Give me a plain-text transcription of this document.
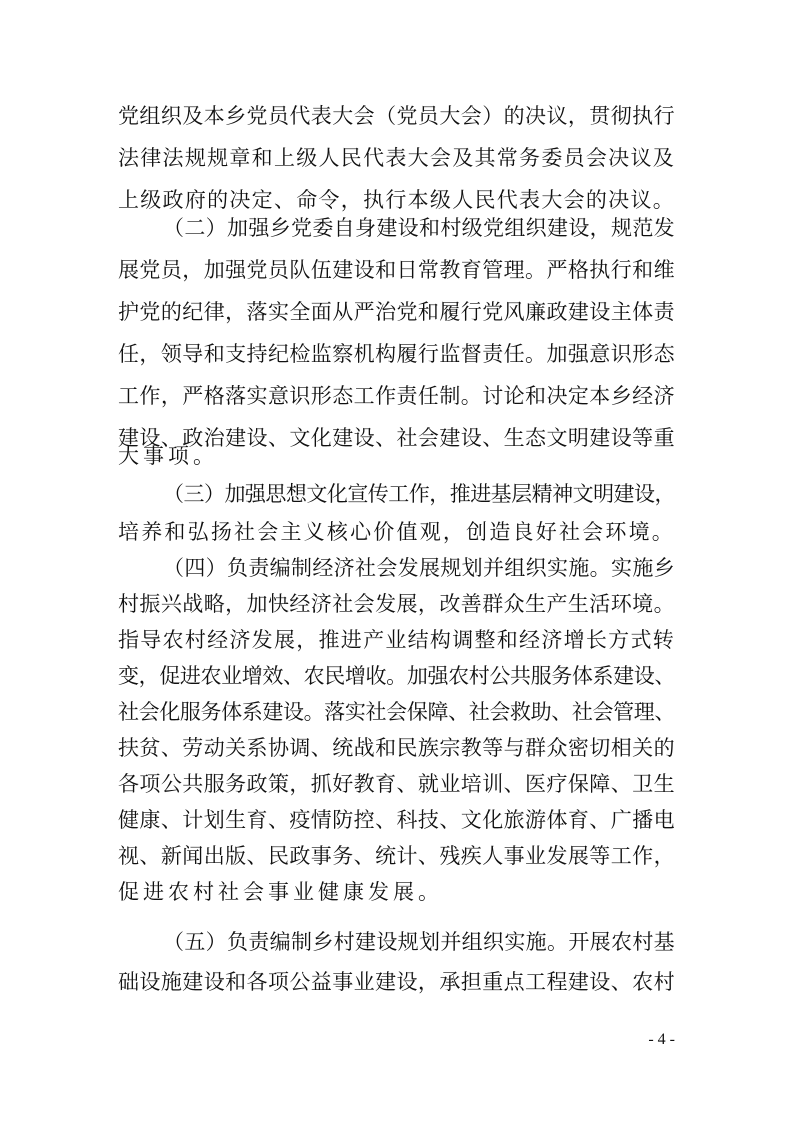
党组织及本乡党员代表大会（党员大会）的决议，贯彻执行
法律法规规章和上级人民代表大会及其常务委员会决议及
上级政府的决定、命令，执行本级人民代表大会的决议。
（二）加强乡党委自身建设和村级党组织建设，规范发
展党员，加强党员队伍建设和日常教育管理。严格执行和维
护党的纪律，落实全面从严治党和履行党风廉政建设主体责
任，领导和支持纪检监察机构履行监督责任。加强意识形态
工作，严格落实意识形态工作责任制。讨论和决定本乡经济
建设、政治建设、文化建设、社会建设、生态文明建设等重
大事项。
（三）加强思想文化宣传工作，推进基层精神文明建设，
培养和弘扬社会主义核心价值观，创造良好社会环境。
（四）负责编制经济社会发展规划并组织实施。实施乡
村振兴战略，加快经济社会发展，改善群众生产生活环境。
指导农村经济发展，推进产业结构调整和经济增长方式转
变，促进农业增效、农民增收。加强农村公共服务体系建设、
社会化服务体系建设。落实社会保障、社会救助、社会管理、
扶贫、劳动关系协调、统战和民族宗教等与群众密切相关的
各项公共服务政策，抓好教育、就业培训、医疗保障、卫生
健康、计划生育、疫情防控、科技、文化旅游体育、广播电
视、新闻出版、民政事务、统计、残疾人事业发展等工作，
促进农村社会事业健康发展。
（五）负责编制乡村建设规划并组织实施。开展农村基
础设施建设和各项公益事业建设，承担重点工程建设、农村
- 4 -
